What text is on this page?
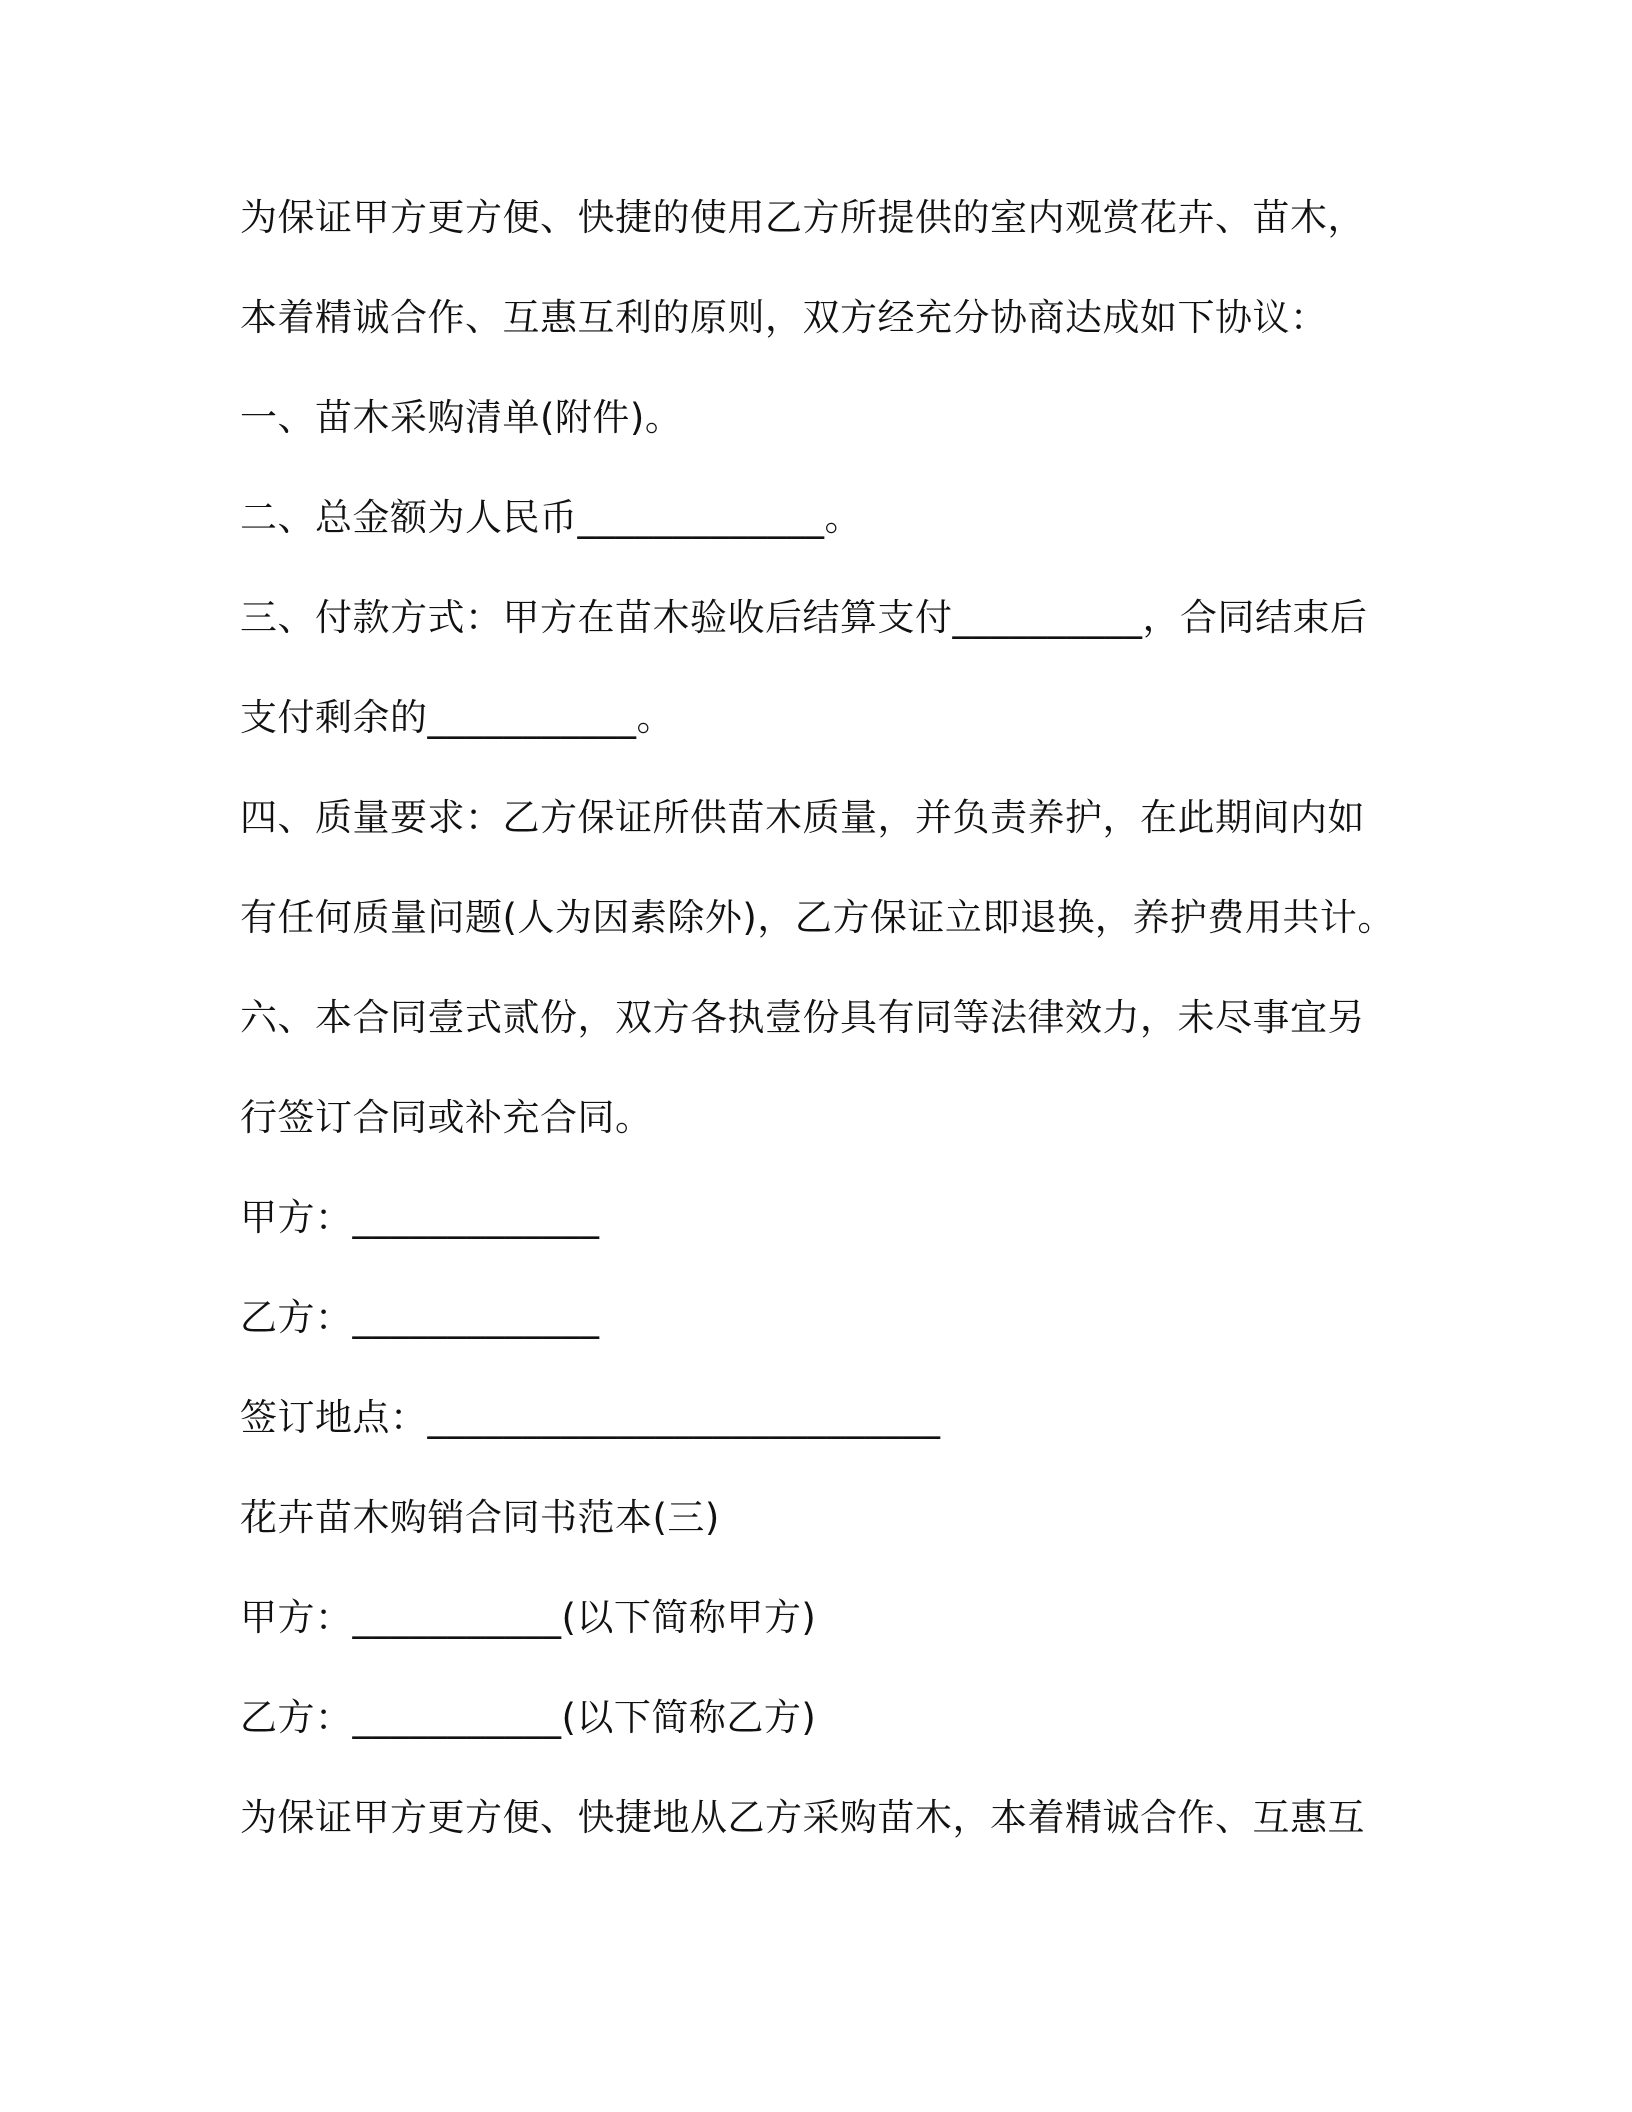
为保证甲方更方便、快捷的使用乙方所提供的室内观赏花卉、苗木，
本着精诚合作、互惠互利的原则，双方经充分协商达成如下协议：
一、苗木采购清单(附件)。
二、总金额为人民币_____________。
三、付款方式：甲方在苗木验收后结算支付__________，合同结束后
支付剩余的___________。
四、质量要求：乙方保证所供苗木质量，并负责养护，在此期间内如
有任何质量问题(人为因素除外)，乙方保证立即退换，养护费用共计。
六、本合同壹式贰份，双方各执壹份具有同等法律效力，未尽事宜另
行签订合同或补充合同。
甲方：_____________
乙方：_____________
签订地点：___________________________
花卉苗木购销合同书范本(三)
甲方：___________(以下简称甲方)
乙方：___________(以下简称乙方)
为保证甲方更方便、快捷地从乙方采购苗木，本着精诚合作、互惠互
